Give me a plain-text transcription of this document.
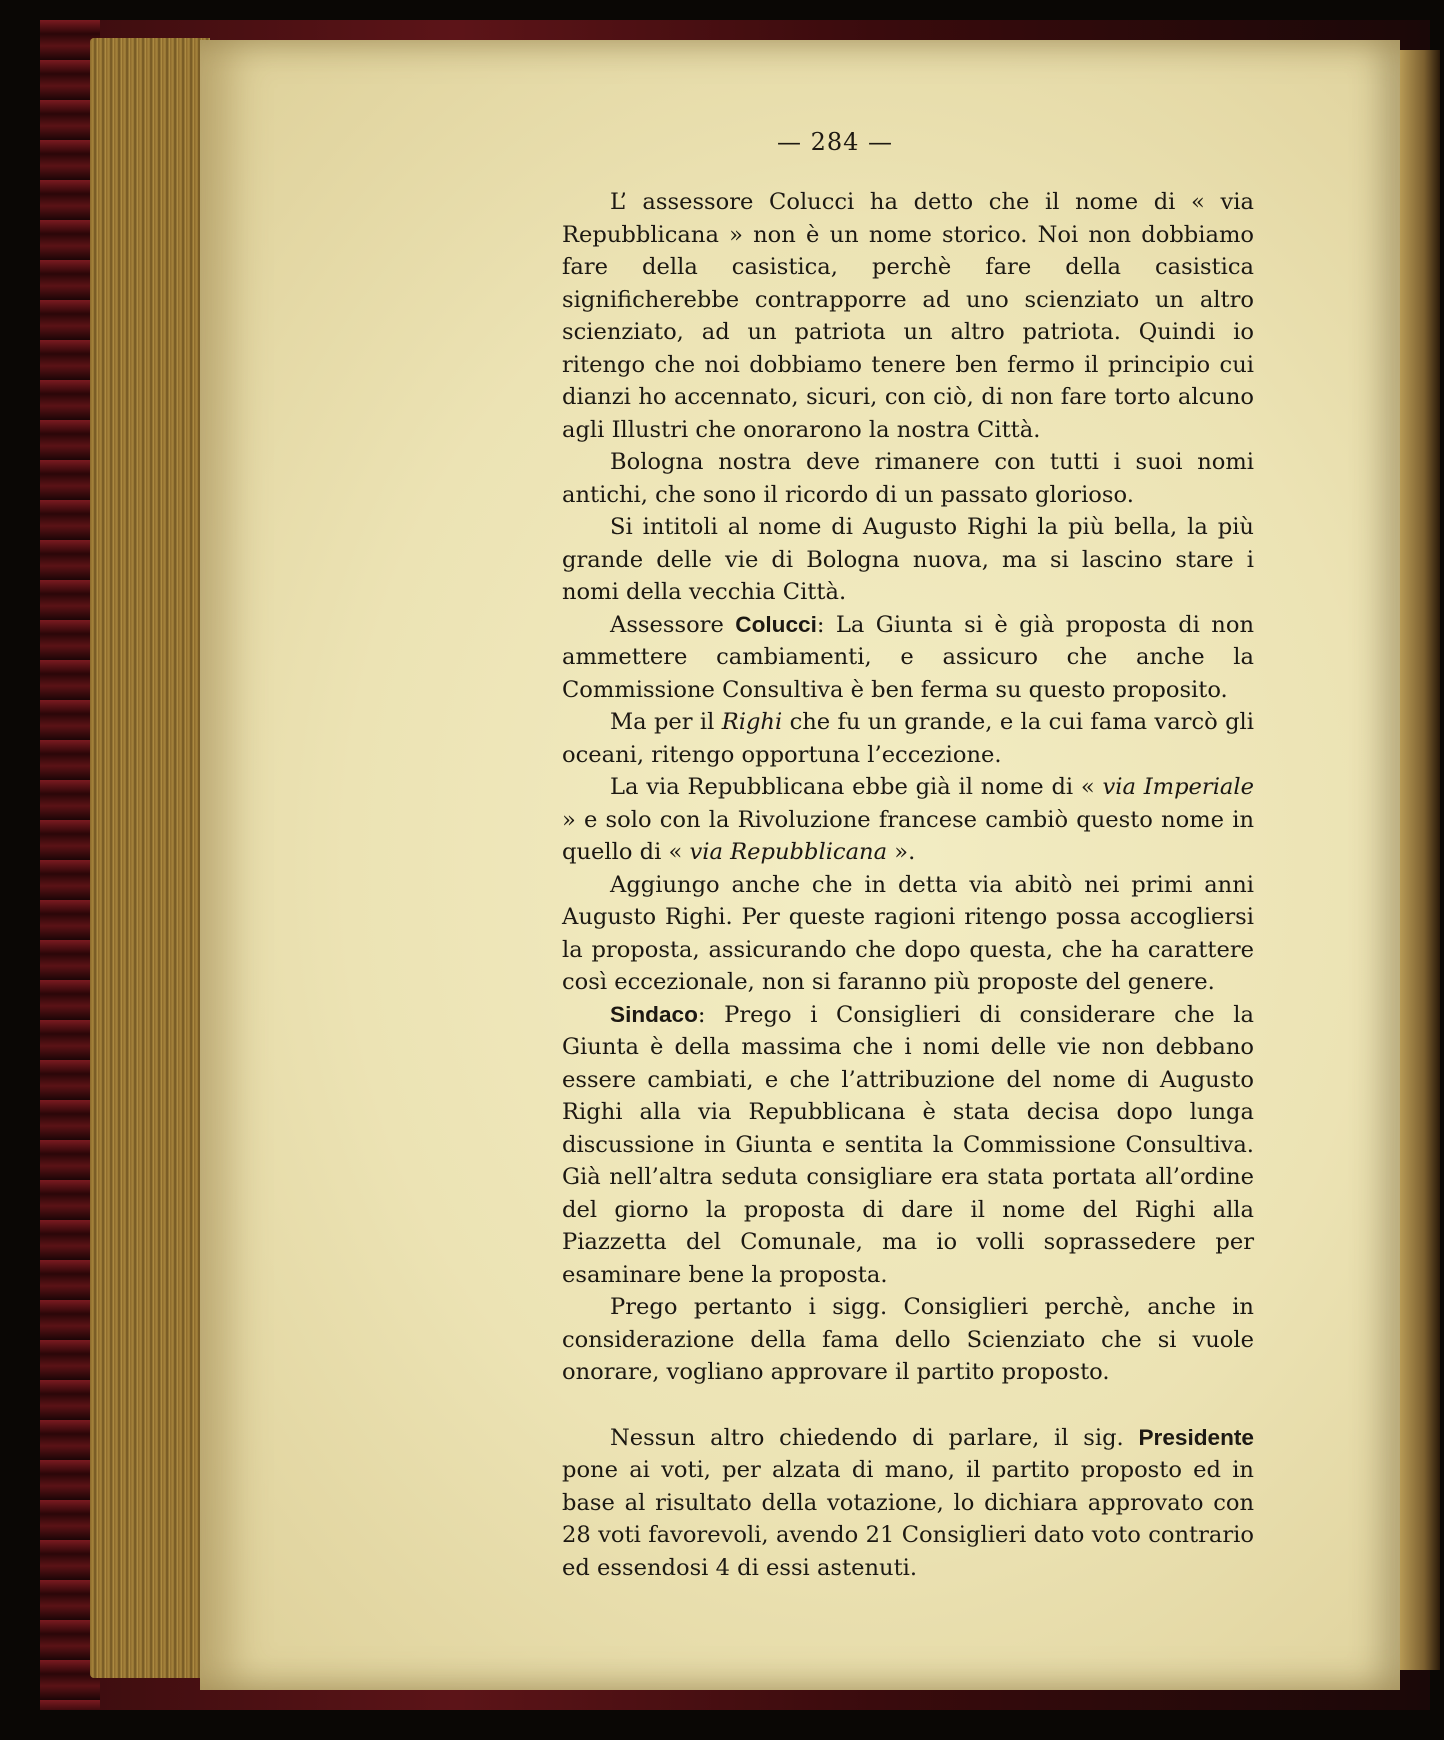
— 284 —

L’ assessore Colucci ha detto che il nome di « via Repubblicana » non è un nome storico. Noi non dobbiamo fare della casistica, perchè fare della casistica significherebbe contrapporre ad uno scienziato un altro scienziato, ad un patriota un altro patriota. Quindi io ritengo che noi dobbiamo tenere ben fermo il principio cui dianzi ho accennato, sicuri, con ciò, di non fare torto alcuno agli Illustri che onorarono la nostra Città.

Bologna nostra deve rimanere con tutti i suoi nomi antichi, che sono il ricordo di un passato glorioso.

Si intitoli al nome di Augusto Righi la più bella, la più grande delle vie di Bologna nuova, ma si lascino stare i nomi della vecchia Città.

Assessore Colucci: La Giunta si è già proposta di non ammettere cambiamenti, e assicuro che anche la Commissione Consultiva è ben ferma su questo proposito.

Ma per il Righi che fu un grande, e la cui fama varcò gli oceani, ritengo opportuna l’eccezione.

La via Repubblicana ebbe già il nome di « via Imperiale » e solo con la Rivoluzione francese cambiò questo nome in quello di « via Repubblicana ».

Aggiungo anche che in detta via abitò nei primi anni Augusto Righi. Per queste ragioni ritengo possa accogliersi la proposta, assicurando che dopo questa, che ha carattere così eccezionale, non si faranno più proposte del genere.

Sindaco: Prego i Consiglieri di considerare che la Giunta è della massima che i nomi delle vie non debbano essere cambiati, e che l’attribuzione del nome di Augusto Righi alla via Repubblicana è stata decisa dopo lunga discussione in Giunta e sentita la Commissione Consultiva. Già nell’altra seduta consigliare era stata portata all’ordine del giorno la proposta di dare il nome del Righi alla Piazzetta del Comunale, ma io volli soprassedere per esaminare bene la proposta.

Prego pertanto i sigg. Consiglieri perchè, anche in considerazione della fama dello Scienziato che si vuole onorare, vogliano approvare il partito proposto.

Nessun altro chiedendo di parlare, il sig. Presidente pone ai voti, per alzata di mano, il partito proposto ed in base al risultato della votazione, lo dichiara approvato con 28 voti favorevoli, avendo 21 Consiglieri dato voto contrario ed essendosi 4 di essi astenuti.
